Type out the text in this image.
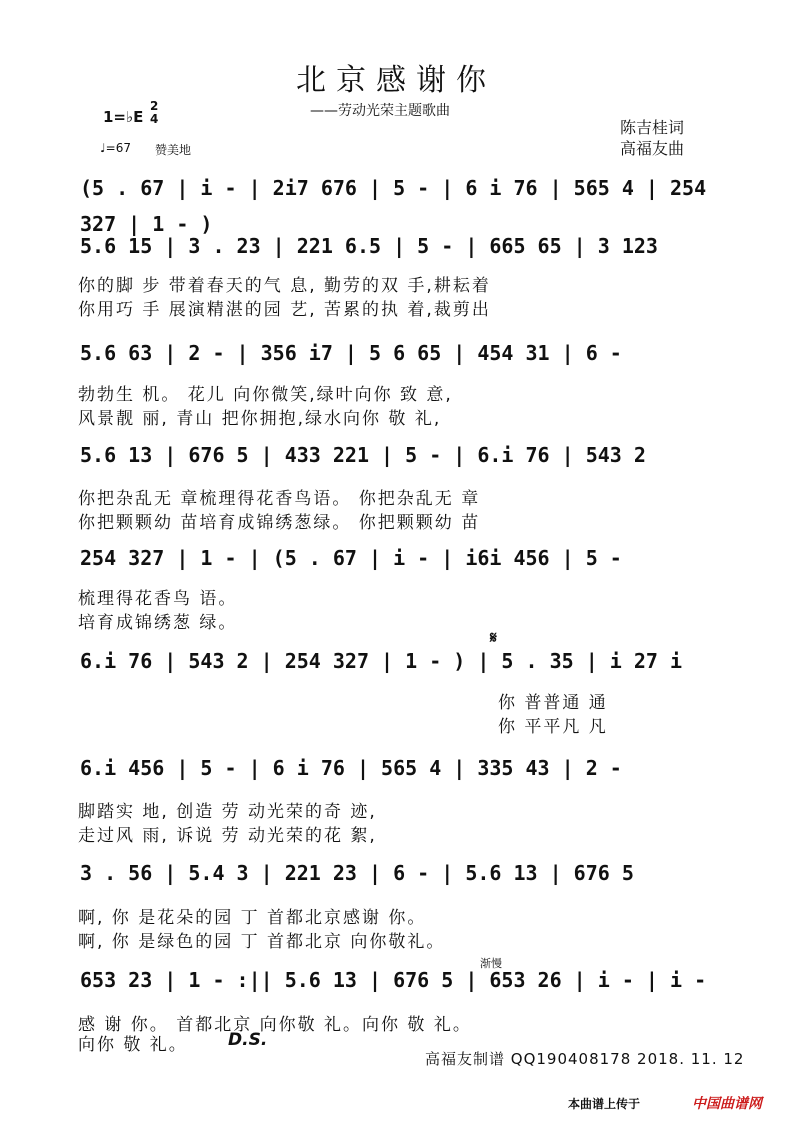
北京感谢你
——劳动光荣主题歌曲
1=♭E
2
4
♩=67 赞美地
陈吉桂词
高福友曲
(5 . 67 | i - | 2i7 676 | 5 - | 6 i 76 | 565 4 | 254 327 | 1 - )
5.6 15 | 3 . 23 | 221 6.5 | 5 - | 665 65 | 3 123
你的脚 步 带着春天的气 息, 勤劳的双 手,耕耘着
你用巧 手 展演精湛的园 艺, 苦累的执 着,裁剪出
5.6 63 | 2 - | 356 i7 | 5 6 65 | 454 31 | 6 -
勃勃生 机。 花儿 向你微笑,绿叶向你 致 意,
风景靓 丽, 青山 把你拥抱,绿水向你 敬 礼,
5.6 13 | 676 5 | 433 221 | 5 - | 6.i 76 | 543 2
你把杂乱无 章梳理得花香鸟语。 你把杂乱无 章
你把颗颗幼 苗培育成锦绣葱绿。 你把颗颗幼 苗
254 327 | 1 - | (5 . 67 | i - | i6i 456 | 5 -
梳理得花香鸟 语。
培育成锦绣葱 绿。
𝄋
6.i 76 | 543 2 | 254 327 | 1 - ) | 5 . 35 | i 27 i
你 普普通 通
你 平平凡 凡
6.i 456 | 5 - | 6 i 76 | 565 4 | 335 43 | 2 -
脚踏实 地, 创造 劳 动光荣的奇 迹,
走过风 雨, 诉说 劳 动光荣的花 絮,
3 . 56 | 5.4 3 | 221 23 | 6 - | 5.6 13 | 676 5
啊, 你 是花朵的园 丁 首都北京感谢 你。
啊, 你 是绿色的园 丁 首都北京 向你敬礼。
渐慢
653 23 | 1 - :|| 5.6 13 | 676 5 | 653 26 | i - | i -
感 谢 你。 首都北京 向你敬 礼。向你 敬 礼。
向你 敬 礼。 D.S.
高福友制谱 QQ190408178 2018. 11. 12
本曲谱上传于	中国曲谱网
